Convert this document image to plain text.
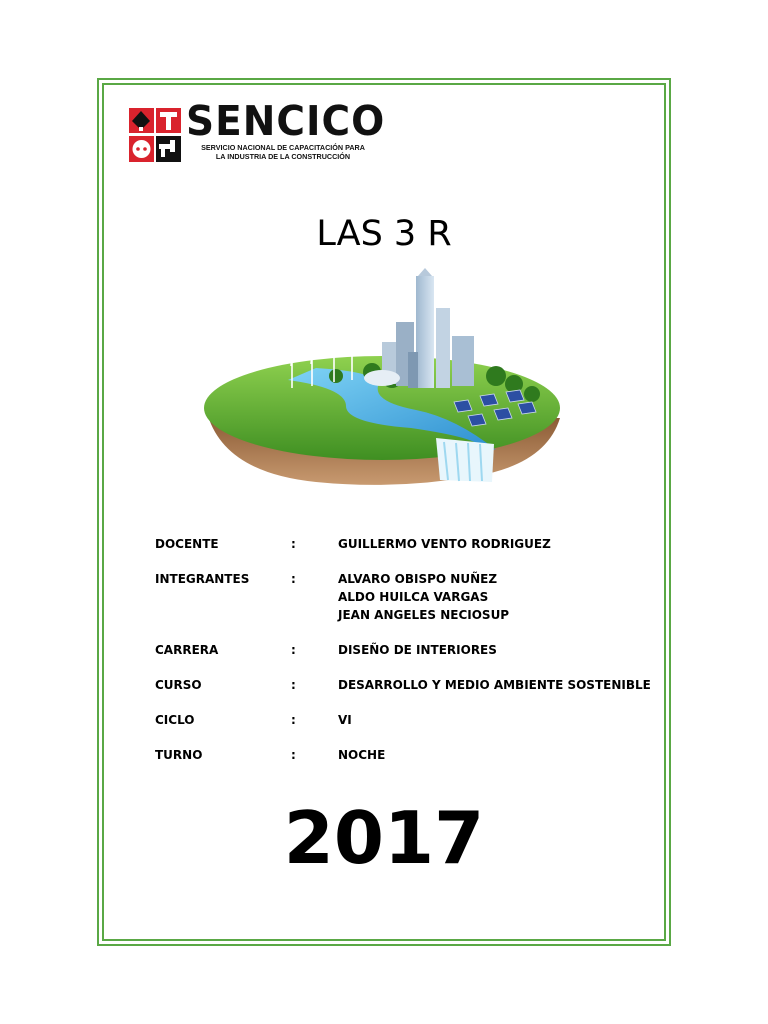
SENCICO
SERVICIO NACIONAL DE CAPACITACIÓN PARA
LA INDUSTRIA DE LA CONSTRUCCIÓN
LAS 3 R
DOCENTE	:	GUILLERMO VENTO RODRIGUEZ
INTEGRANTES	:	ALVARO OBISPO NUÑEZ
ALDO HUILCA VARGAS
JEAN ANGELES NECIOSUP
CARRERA	:	DISEÑO DE INTERIORES
CURSO	:	DESARROLLO Y MEDIO AMBIENTE SOSTENIBLE
CICLO	:	VI
TURNO	:	NOCHE
2017
